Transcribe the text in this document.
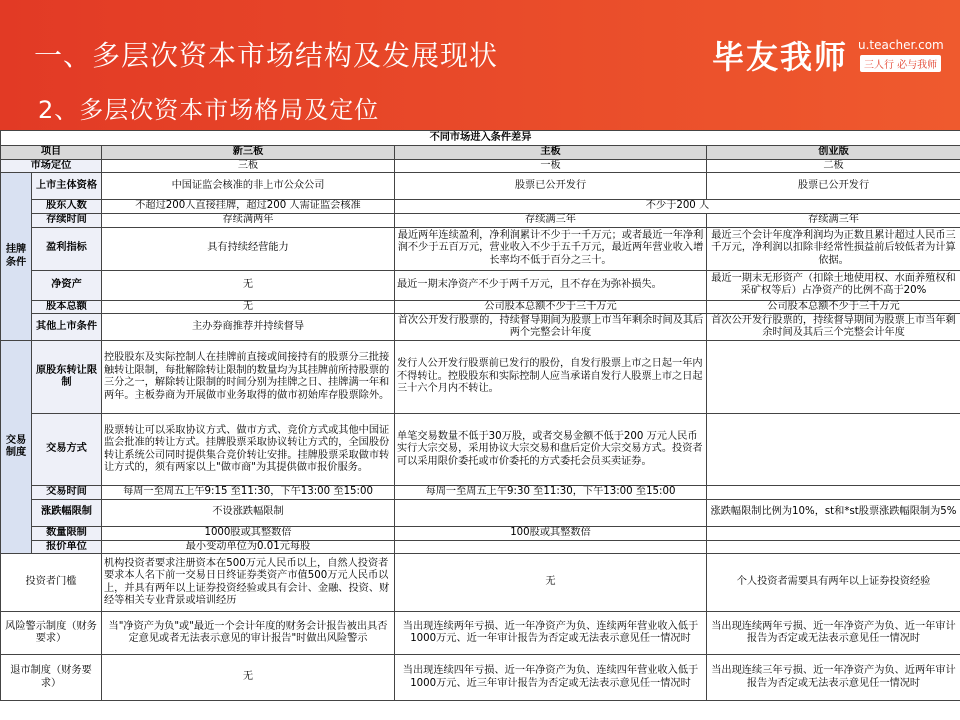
一、多层次资本市场结构及发展现状
2、多层次资本市场格局及定位
毕友我师 u.teacher.com
三人行 必与我师
不同市场进入条件差异				
项目		新三板	主板	创业版
市场定位		三板	一板	二板
挂牌条件	上市主体资格	中国证监会核准的非上市公众公司	股票已公开发行	股票已公开发行
	股东人数	不超过200人直接挂牌，超过200 人需证监会核准	不少于200 人	
	存续时间	存续满两年	存续满三年	存续满三年
	盈利指标	具有持续经营能力	最近两年连续盈利，净利润累计不少于一千万元；或者最近一年净利润不少于五百万元，营业收入不少于五千万元，最近两年营业收入增长率均不低于百分之三十。	最近三个会计年度净利润均为正数且累计超过人民币三千万元，净利润以扣除非经常性损益前后较低者为计算依据。
	净资产	无	最近一期末净资产不少于两千万元，且不存在为弥补损失。	最近一期末无形资产（扣除土地使用权、水面养殖权和采矿权等后）占净资产的比例不高于20%
	股本总额	无	公司股本总额不少于三千万元	公司股本总额不少于三千万元
	其他上市条件	主办券商推荐并持续督导	首次公开发行股票的，持续督导期间为股票上市当年剩余时间及其后两个完整会计年度	首次公开发行股票的，持续督导期间为股票上市当年剩余时间及其后三个完整会计年度
交易制度	原股东转让限制	控股股东及实际控制人在挂牌前直接或间接持有的股票分三批接触转让限制，每批解除转让限制的数量均为其挂牌前所持股票的三分之一，解除转让限制的时间分别为挂牌之日、挂牌满一年和两年。主板券商为开展做市业务取得的做市初始库存股票除外。	发行人公开发行股票前已发行的股份，自发行股票上市之日起一年内不得转让。控股股东和实际控制人应当承诺自发行人股票上市之日起三十六个月内不转让。	
	交易方式	股票转让可以采取协议方式、做市方式、竞价方式或其他中国证监会批准的转让方式。挂牌股票采取协议转让方式的，全国股份转让系统公司同时提供集合竞价转让安排。挂牌股票采取做市转让方式的，须有两家以上"做市商"为其提供做市报价服务。	单笔交易数量不低于30万股，或者交易金额不低于200 万元人民币实行大宗交易，采用协议大宗交易和盘后定价大宗交易方式。投资者可以采用限价委托或市价委托的方式委托会员买卖证券。	
	交易时间	每周一至周五上午9:15 至11:30，下午13:00 至15:00	每周一至周五上午9:30 至11:30，下午13:00 至15:00	
	涨跌幅限制	不设涨跌幅限制		涨跌幅限制比例为10%，st和*st股票涨跌幅限制为5%
	数量限制	1000股或其整数倍	100股或其整数倍	
	报价单位	最小变动单位为0.01元每股		
投资者门槛		机构投资者要求注册资本在500万元人民币以上，自然人投资者要求本人名下前一交易日日终证券类资产市值500万元人民币以上，并具有两年以上证券投资经验或具有会计、金融、投资、财经等相关专业背景或培训经历	无	个人投资者需要具有两年以上证券投资经验
风险警示制度（财务要求）		当"净资产为负"或"最近一个会计年度的财务会计报告被出具否定意见或者无法表示意见的审计报告"时做出风险警示	当出现连续两年亏损、近一年净资产为负、连续两年营业收入低于1000万元、近一年审计报告为否定或无法表示意见任一情况时	当出现连续两年亏损、近一年净资产为负、近一年审计报告为否定或无法表示意见任一情况时
退市制度（财务要求）		无	当出现连续四年亏损、近一年净资产为负、连续四年营业收入低于1000万元、近三年审计报告为否定或无法表示意见任一情况时	当出现连续三年亏损、近一年净资产为负、近两年审计报告为否定或无法表示意见任一情况时
